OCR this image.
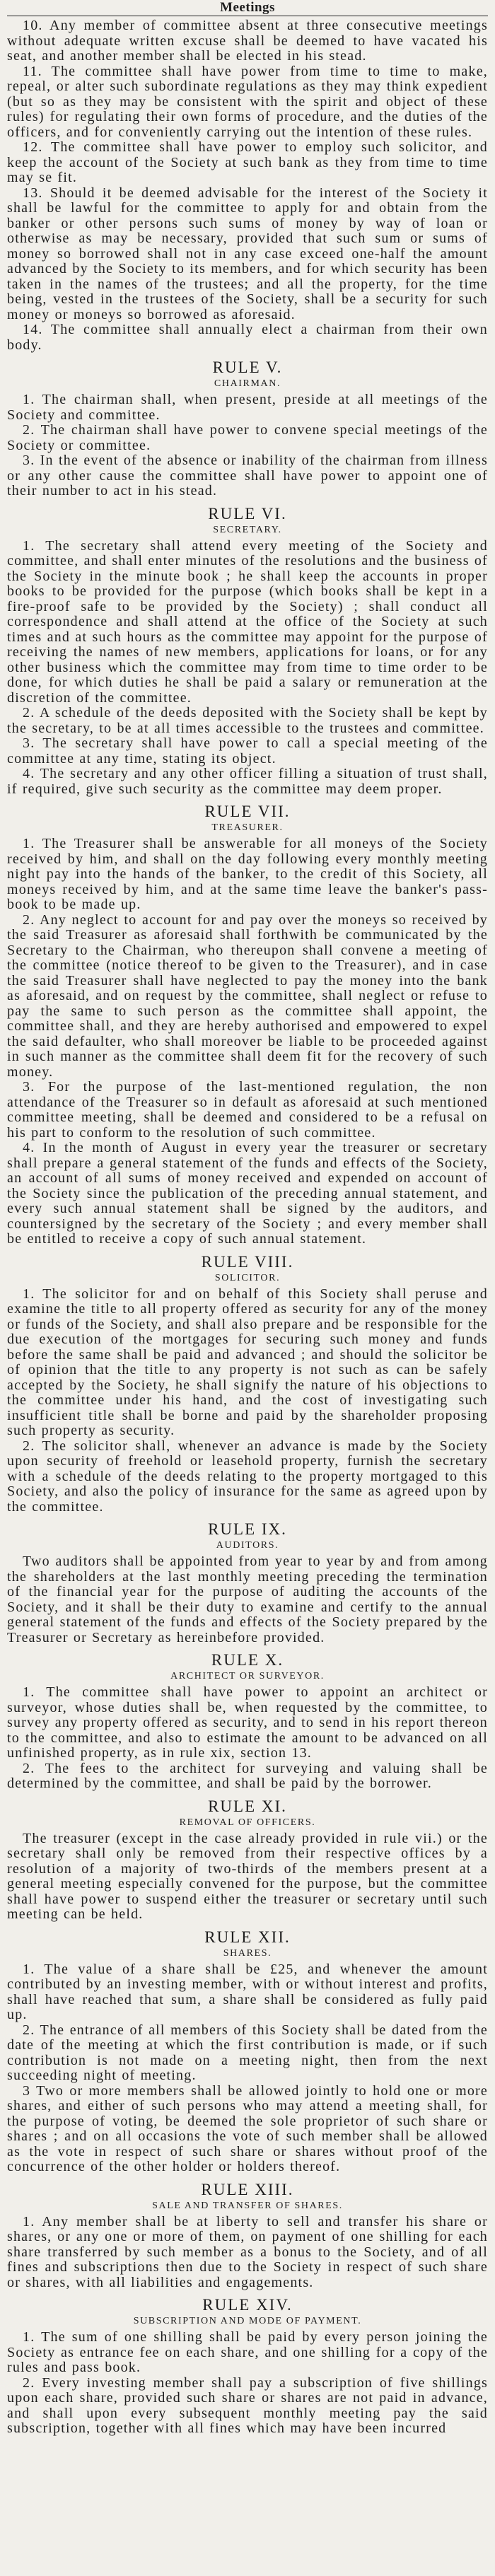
Meetings

10. Any member of committee absent at three consecutive meetings without adequate written excuse shall be deemed to have vacated his seat, and another member shall be elected in his stead.

11. The committee shall have power from time to time to make, repeal, or alter such subordinate regulations as they may think expedient (but so as they may be consistent with the spirit and object of these rules) for regulating their own forms of procedure, and the duties of the officers, and for conveniently carrying out the intention of these rules.

12. The committee shall have power to employ such solicitor, and keep the account of the Society at such bank as they from time to time may se fit.

13. Should it be deemed advisable for the interest of the Society it shall be lawful for the committee to apply for and obtain from the banker or other persons such sums of money by way of loan or otherwise as may be necessary, provided that such sum or sums of money so borrowed shall not in any case exceed one-half the amount advanced by the Society to its members, and for which security has been taken in the names of the trustees; and all the property, for the time being, vested in the trustees of the Society, shall be a security for such money or moneys so borrowed as aforesaid.

14. The committee shall annually elect a chairman from their own body.

RULE V.
CHAIRMAN.

1. The chairman shall, when present, preside at all meetings of the Society and committee.

2. The chairman shall have power to convene special meetings of the Society or committee.

3. In the event of the absence or inability of the chairman from illness or any other cause the committee shall have power to appoint one of their number to act in his stead.

RULE VI.
SECRETARY.

1. The secretary shall attend every meeting of the Society and committee, and shall enter minutes of the resolutions and the business of the Society in the minute book ; he shall keep the accounts in proper books to be provided for the purpose (which books shall be kept in a fire-proof safe to be provided by the Society) ; shall conduct all correspondence and shall attend at the office of the Society at such times and at such hours as the committee may appoint for the purpose of receiving the names of new members, applications for loans, or for any other business which the committee may from time to time order to be done, for which duties he shall be paid a salary or remuneration at the discretion of the committee.

2. A schedule of the deeds deposited with the Society shall be kept by the secretary, to be at all times accessible to the trustees and committee.

3. The secretary shall have power to call a special meeting of the committee at any time, stating its object.

4. The secretary and any other officer filling a situation of trust shall, if required, give such security as the committee may deem proper.

RULE VII.
TREASURER.

1. The Treasurer shall be answerable for all moneys of the Society received by him, and shall on the day following every monthly meeting night pay into the hands of the banker, to the credit of this Society, all moneys received by him, and at the same time leave the banker's pass-book to be made up.

2. Any neglect to account for and pay over the moneys so received by the said Treasurer as aforesaid shall forthwith be communicated by the Secretary to the Chairman, who thereupon shall convene a meeting of the committee (notice thereof to be given to the Treasurer), and in case the said Treasurer shall have neglected to pay the money into the bank as aforesaid, and on request by the committee, shall neglect or refuse to pay the same to such person as the committee shall appoint, the committee shall, and they are hereby authorised and empowered to expel the said defaulter, who shall moreover be liable to be proceeded against in such manner as the committee shall deem fit for the recovery of such money.

3. For the purpose of the last-mentioned regulation, the non attendance of the Treasurer so in default as aforesaid at such mentioned committee meeting, shall be deemed and considered to be a refusal on his part to conform to the resolution of such committee.

4. In the month of August in every year the treasurer or secretary shall prepare a general statement of the funds and effects of the Society, an account of all sums of money received and expended on account of the Society since the publication of the preceding annual statement, and every such annual statement shall be signed by the auditors, and countersigned by the secretary of the Society ; and every member shall be entitled to receive a copy of such annual statement.

RULE VIII.
SOLICITOR.

1. The solicitor for and on behalf of this Society shall peruse and examine the title to all property offered as security for any of the money or funds of the Society, and shall also prepare and be responsible for the due execution of the mortgages for securing such money and funds before the same shall be paid and advanced ; and should the solicitor be of opinion that the title to any property is not such as can be safely accepted by the Society, he shall signify the nature of his objections to the committee under his hand, and the cost of investigating such insufficient title shall be borne and paid by the shareholder proposing such property as security.

2. The solicitor shall, whenever an advance is made by the Society upon security of freehold or leasehold property, furnish the secretary with a schedule of the deeds relating to the property mortgaged to this Society, and also the policy of insurance for the same as agreed upon by the committee.

RULE IX.
AUDITORS.

Two auditors shall be appointed from year to year by and from among the shareholders at the last monthly meeting preceding the termination of the financial year for the purpose of auditing the accounts of the Society, and it shall be their duty to examine and certify to the annual general statement of the funds and effects of the Society prepared by the Treasurer or Secretary as hereinbefore provided.

RULE X.
ARCHITECT OR SURVEYOR.

1. The committee shall have power to appoint an architect or surveyor, whose duties shall be, when requested by the committee, to survey any property offered as security, and to send in his report thereon to the committee, and also to estimate the amount to be advanced on all unfinished property, as in rule xix, section 13.

2. The fees to the architect for surveying and valuing shall be determined by the committee, and shall be paid by the borrower.

RULE XI.
REMOVAL OF OFFICERS.

The treasurer (except in the case already provided in rule vii.) or the secretary shall only be removed from their respective offices by a resolution of a majority of two-thirds of the members present at a general meeting especially convened for the purpose, but the committee shall have power to suspend either the treasurer or secretary until such meeting can be held.

RULE XII.
SHARES.

1. The value of a share shall be £25, and whenever the amount contributed by an investing member, with or without interest and profits, shall have reached that sum, a share shall be considered as fully paid up.

2. The entrance of all members of this Society shall be dated from the date of the meeting at which the first contribution is made, or if such contribution is not made on a meeting night, then from the next succeeding night of meeting.

3 Two or more members shall be allowed jointly to hold one or more shares, and either of such persons who may attend a meeting shall, for the purpose of voting, be deemed the sole proprietor of such share or shares ; and on all occasions the vote of such member shall be allowed as the vote in respect of such share or shares without proof of the concurrence of the other holder or holders thereof.

RULE XIII.
SALE AND TRANSFER OF SHARES.

1. Any member shall be at liberty to sell and transfer his share or shares, or any one or more of them, on payment of one shilling for each share transferred by such member as a bonus to the Society, and of all fines and subscriptions then due to the Society in respect of such share or shares, with all liabilities and engagements.

RULE XIV.
SUBSCRIPTION AND MODE OF PAYMENT.

1. The sum of one shilling shall be paid by every person joining the Society as entrance fee on each share, and one shilling for a copy of the rules and pass book.

2. Every investing member shall pay a subscription of five shillings upon each share, provided such share or shares are not paid in advance, and shall upon every subsequent monthly meeting pay the said subscription, together with all fines which may have been incurred
